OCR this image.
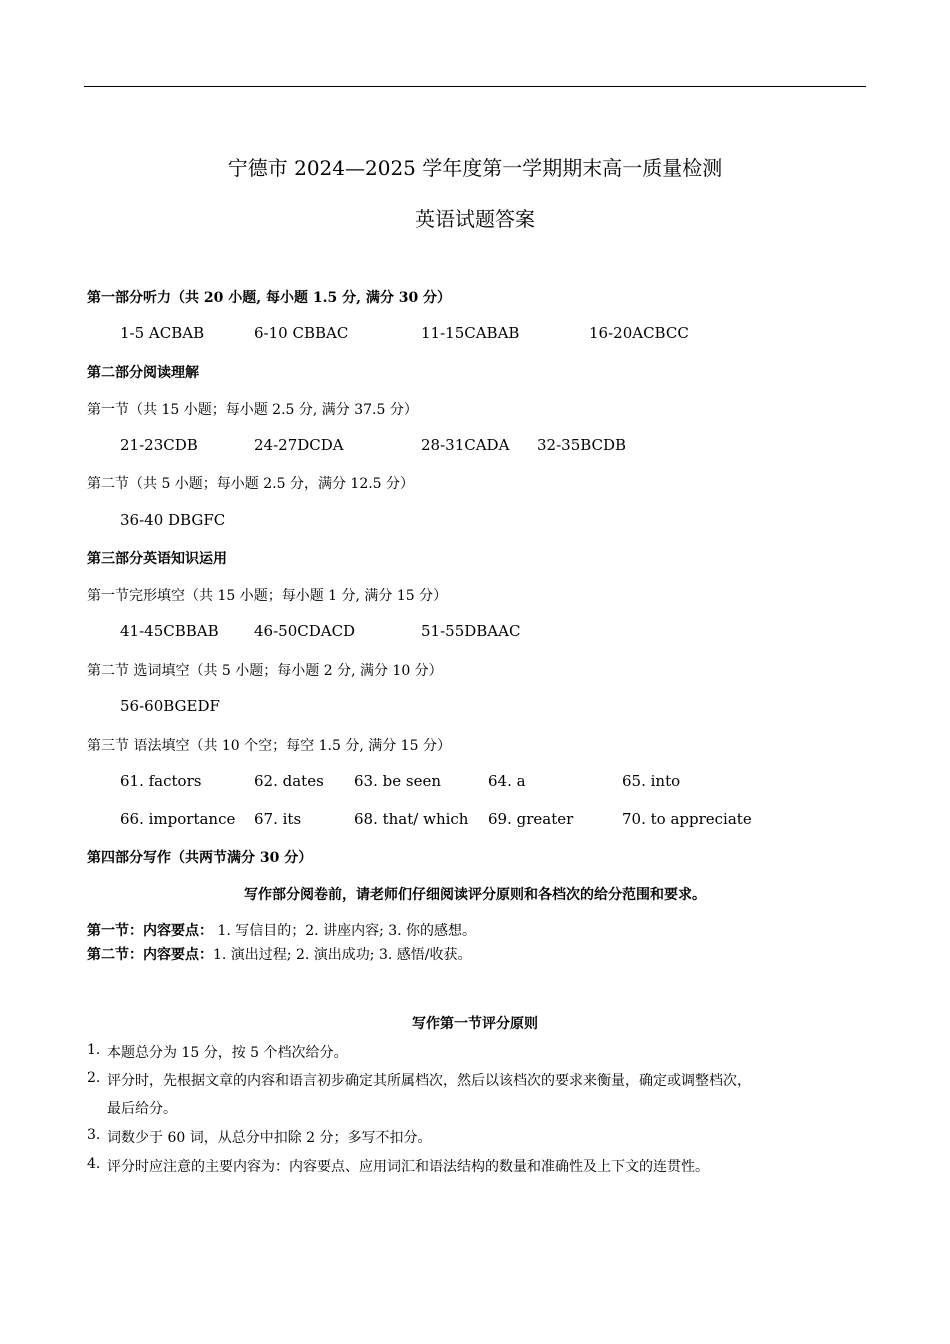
宁德市 2024—2025 学年度第一学期期末高一质量检测
英语试题答案
第一部分听力（共 20 小题, 每小题 1.5 分, 满分 30 分）
1-5 ACBAB	6-10 CBBAC	11-15CABAB	16-20ACBCC
第二部分阅读理解
第一节（共 15 小题；每小题 2.5 分, 满分 37.5 分）
21-23CDB	24-27DCDA	28-31CADA 32-35BCDB
第二节（共 5 小题；每小题 2.5 分，满分 12.5 分）
36-40 DBGFC
第三部分英语知识运用
第一节完形填空（共 15 小题；每小题 1 分, 满分 15 分）
41-45CBBAB 46-50CDACD	51-55DBAAC
第二节 选词填空（共 5 小题；每小题 2 分, 满分 10 分）
56-60BGEDF
第三节 语法填空（共 10 个空；每空 1.5 分, 满分 15 分）
61. factors	62. dates 63. be seen	64. a	65. into
66. importance 67. its	68. that/ which 69. greater	70. to appreciate
第四部分写作（共两节满分 30 分）
写作部分阅卷前，请老师们仔细阅读评分原则和各档次的给分范围和要求。
第一节：内容要点： 1. 写信目的；2. 讲座内容; 3. 你的感想。
第二节：内容要点：1. 演出过程; 2. 演出成功; 3. 感悟/收获。
写作第一节评分原则
1. 本题总分为 15 分，按 5 个档次给分。
2. 评分时，先根据文章的内容和语言初步确定其所属档次，然后以该档次的要求来衡量，确定或调整档次，
最后给分。
3. 词数少于 60 词，从总分中扣除 2 分；多写不扣分。
4. 评分时应注意的主要内容为：内容要点、应用词汇和语法结构的数量和准确性及上下文的连贯性。
